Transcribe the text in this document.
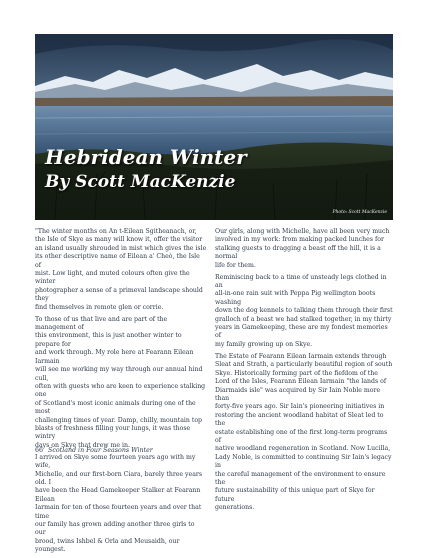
Hebridean Winter
By Scott MacKenzie
Photo: Scott MacKenzie

"The winter months on An t-Eilean Sgitheanach, or,
the Isle of Skye as many will know it, offer the visitor
an island usually shrouded in mist which gives the isle
its other descriptive name of Eilean a' Cheò, the Isle of
mist. Low light, and muted colours often give the winter
photographer a sense of a primeval landscape should they
find themselves in remote glen or corrie.

To those of us that live and are part of the management of
this environment, this is just another winter to prepare for
and work through. My role here at Fearann Eilean Iarmain
will see me working my way through our annual hind cull,
often with guests who are keen to experience stalking one
of Scotland's most iconic animals during one of the most
challenging times of year. Damp, chilly, mountain top
blasts of freshness filling your lungs, it was those wintry
days on Skye that drew me in.

I arrived on Skye some fourteen years ago with my wife,
Michelle, and our first-born Ciara, barely three years old. I
have been the Head Gamekeeper Stalker at Fearann Eilean
Iarmain for ten of those fourteen years and over that time
our family has grown adding another three girls to our
brood, twins Ishbel & Orla and Meusaidh, our youngest.

Our girls, along with Michelle, have all been very much
involved in my work: from making packed lunches for
stalking guests to dragging a beast off the hill, it is a normal
life for them.

Reminiscing back to a time of unsteady legs clothed in an
all-in-one rain suit with Peppa Pig wellington boots washing
down the dog kennels to talking them through their first
gralloch of a beast we had stalked together, in my thirty
years in Gamekeeping, these are my fondest memories of
my family growing up on Skye.

The Estate of Fearann Eilean Iarmain extends through
Sleat and Strath, a particularly beautiful region of south
Skye. Historically forming part of the fiefdom of the
Lord of the Isles, Fearann Eilean Iarmain "the lands of
Diarmaids isle" was acquired by Sir Iain Noble more than
forty-five years ago. Sir Iain's pioneering initiatives in
restoring the ancient woodland habitat of Sleat led to the
estate establishing one of the first long-term programs of
native woodland regeneration in Scotland. Now Lucilla,
Lady Noble, is committed to continuing Sir Iain's legacy in
the careful management of the environment to ensure the
future sustainability of this unique part of Skye for future
generations.

66 Scotland in Four Seasons Winter
